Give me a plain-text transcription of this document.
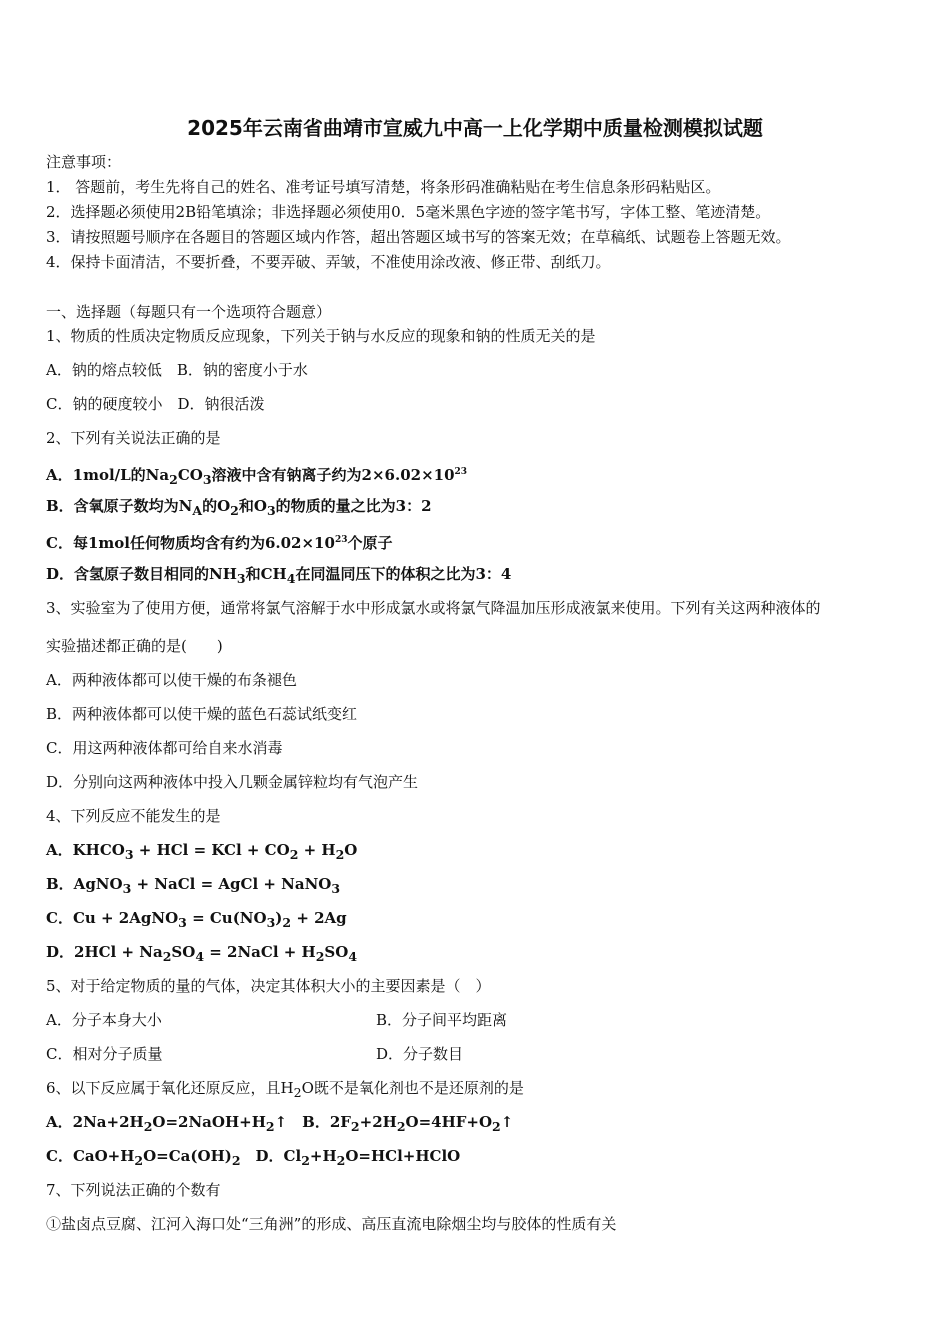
2025年云南省曲靖市宣威九中高一上化学期中质量检测模拟试题
注意事项：
1． 答题前，考生先将自己的姓名、准考证号填写清楚，将条形码准确粘贴在考生信息条形码粘贴区。
2．选择题必须使用2B铅笔填涂；非选择题必须使用0．5毫米黑色字迹的签字笔书写，字体工整、笔迹清楚。
3．请按照题号顺序在各题目的答题区域内作答，超出答题区域书写的答案无效；在草稿纸、试题卷上答题无效。
4．保持卡面清洁，不要折叠，不要弄破、弄皱，不准使用涂改液、修正带、刮纸刀。
一、选择题（每题只有一个选项符合题意）
1、物质的性质决定物质反应现象，下列关于钠与水反应的现象和钠的性质无关的是
A．钠的熔点较低　B．钠的密度小于水
C．钠的硬度较小　D．钠很活泼
2、下列有关说法正确的是
A．1mol/L的$Na_2CO_3$溶液中含有钠离子约为$2\times 6.02\times 10^{23}$
B．含氧原子数均为$N_A$的$O_2$和$O_3$的物质的量之比为3：2
C．每1mol任何物质均含有约为$6.02\times 10^{23}$个原子
D．含氢原子数目相同的$NH_3$和$CH_4$在同温同压下的体积之比为3：4
3、实验室为了使用方便，通常将氯气溶解于水中形成氯水或将氯气降温加压形成液氯来使用。下列有关这两种液体的
实验描述都正确的是(　　)
A．两种液体都可以使干燥的布条褪色
B．两种液体都可以使干燥的蓝色石蕊试纸变红
C．用这两种液体都可给自来水消毒
D．分别向这两种液体中投入几颗金属锌粒均有气泡产生
4、下列反应不能发生的是
A．$KHCO_3$ + HCl = KCl + $CO_2 + H_2O$
B．AgNO$_3$ + NaCl = AgCl + NaNO$_3$
C．Cu + 2AgNO$_3$ = $Cu(NO_3)_2 + 2Ag$
D．$2HCl + Na_2SO_4$ = 2NaCl + $H_2SO_4$
5、对于给定物质的量的气体，决定其体积大小的主要因素是（　）
A．分子本身大小	B．分子间平均距离
C．相对分子质量	D．分子数目
6、以下反应属于氧化还原反应，且$H_2O$既不是氧化剂也不是还原剂的是
A．$2Na+2H_2O=2NaOH+H_2↑$　B．$2F_2+2H_2O=4HF+O_2↑$
C．$CaO+H_2O=Ca(OH)_2$　D．$Cl_2+H_2O=HCl+HClO$
7、下列说法正确的个数有
①盐卤点豆腐、江河入海口处“三角洲”的形成、高压直流电除烟尘均与胶体的性质有关
